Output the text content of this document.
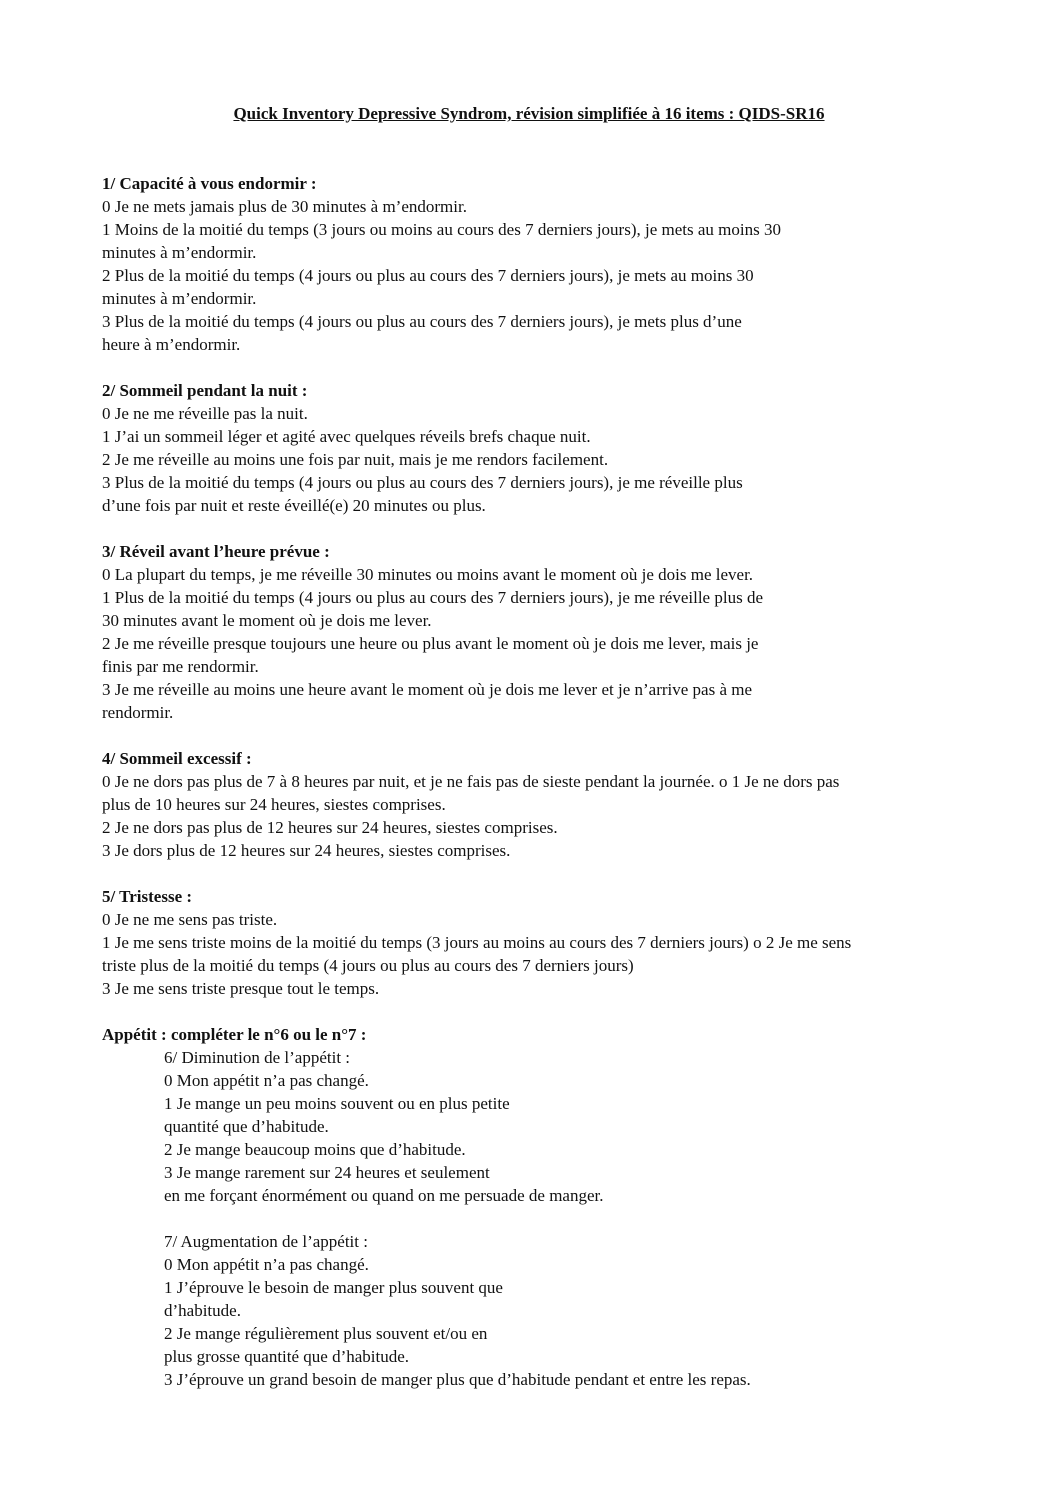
Quick Inventory Depressive Syndrom, révision simplifiée à 16 items : QIDS-SR16
1/ Capacité à vous endormir :
0 Je ne mets jamais plus de 30 minutes à m’endormir.
1 Moins de la moitié du temps (3 jours ou moins au cours des 7 derniers jours), je mets au moins 30
minutes à m’endormir.
2 Plus de la moitié du temps (4 jours ou plus au cours des 7 derniers jours), je mets au moins 30
minutes à m’endormir.
3 Plus de la moitié du temps (4 jours ou plus au cours des 7 derniers jours), je mets plus d’une
heure à m’endormir.
2/ Sommeil pendant la nuit :
0 Je ne me réveille pas la nuit.
1 J’ai un sommeil léger et agité avec quelques réveils brefs chaque nuit.
2 Je me réveille au moins une fois par nuit, mais je me rendors facilement.
3 Plus de la moitié du temps (4 jours ou plus au cours des 7 derniers jours), je me réveille plus
d’une fois par nuit et reste éveillé(e) 20 minutes ou plus.
3/ Réveil avant l’heure prévue :
0 La plupart du temps, je me réveille 30 minutes ou moins avant le moment où je dois me lever.
1 Plus de la moitié du temps (4 jours ou plus au cours des 7 derniers jours), je me réveille plus de
30 minutes avant le moment où je dois me lever.
2 Je me réveille presque toujours une heure ou plus avant le moment où je dois me lever, mais je
finis par me rendormir.
3 Je me réveille au moins une heure avant le moment où je dois me lever et je n’arrive pas à me
rendormir.
4/ Sommeil excessif :
0 Je ne dors pas plus de 7 à 8 heures par nuit, et je ne fais pas de sieste pendant la journée. o 1 Je ne dors pas
plus de 10 heures sur 24 heures, siestes comprises.
2 Je ne dors pas plus de 12 heures sur 24 heures, siestes comprises.
3 Je dors plus de 12 heures sur 24 heures, siestes comprises.
5/ Tristesse :
0 Je ne me sens pas triste.
1 Je me sens triste moins de la moitié du temps (3 jours au moins au cours des 7 derniers jours) o 2 Je me sens
triste plus de la moitié du temps (4 jours ou plus au cours des 7 derniers jours)
3 Je me sens triste presque tout le temps.
Appétit : compléter le n°6 ou le n°7 :
6/ Diminution de l’appétit :
0 Mon appétit n’a pas changé.
1 Je mange un peu moins souvent ou en plus petite
quantité que d’habitude.
2 Je mange beaucoup moins que d’habitude.
3 Je mange rarement sur 24 heures et seulement
en me forçant énormément ou quand on me persuade de manger.
7/ Augmentation de l’appétit :
0 Mon appétit n’a pas changé.
1 J’éprouve le besoin de manger plus souvent que
d’habitude.
2 Je mange régulièrement plus souvent et/ou en
plus grosse quantité que d’habitude.
3 J’éprouve un grand besoin de manger plus que d’habitude pendant et entre les repas.
